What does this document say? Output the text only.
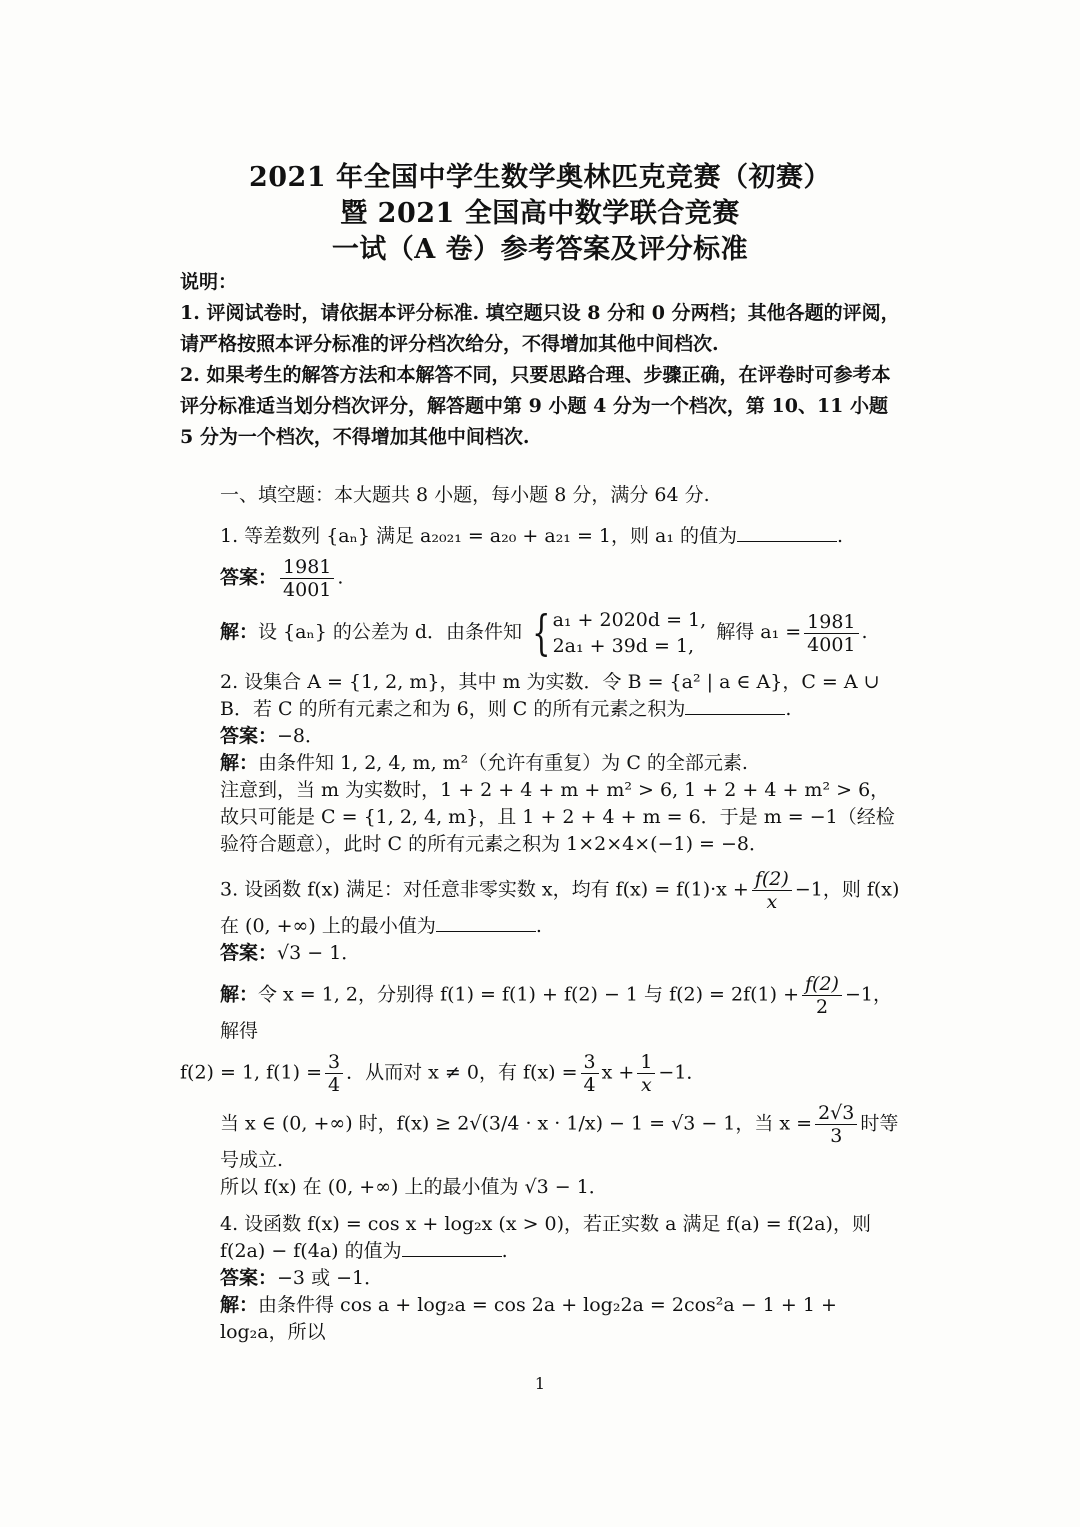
2021 年全国中学生数学奥林匹克竞赛（初赛）
暨 2021 全国高中数学联合竞赛
一试（A 卷）参考答案及评分标准

说明：

1. 评阅试卷时，请依据本评分标准. 填空题只设 8 分和 0 分两档；其他各题的评阅，请严格按照本评分标准的评分档次给分，不得增加其他中间档次.

2. 如果考生的解答方法和本解答不同，只要思路合理、步骤正确，在评卷时可参考本评分标准适当划分档次评分，解答题中第 9 小题 4 分为一个档次，第 10、11 小题 5 分为一个档次，不得增加其他中间档次.

一、填空题：本大题共 8 小题，每小题 8 分，满分 64 分.

1. 等差数列 {aₙ} 满足 a₂₀₂₁ = a₂₀ + a₂₁ = 1，则 a₁ 的值为	.

答案： $\frac{1981}{4001}$ .

解：设 {aₙ} 的公差为 d．由条件知 { a₁ + 2020d = 1,
2a₁ + 39d = 1,
解得 $a_1 = \frac{1981}{4001}$ .

2. 设集合 A = {1, 2, m}，其中 m 为实数．令 B = {a² | a ∈ A}，C = A ∪ B．若 C 的所有元素之和为 6，则 C 的所有元素之积为	.

答案：−8．

解：由条件知 1, 2, 4, m, m²（允许有重复）为 C 的全部元素.

注意到，当 m 为实数时，1 + 2 + 4 + m + m² > 6, 1 + 2 + 4 + m² > 6，故只可能是 C = {1, 2, 4, m}，且 1 + 2 + 4 + m = 6．于是 m = −1（经检验符合题意），此时 C 的所有元素之积为 1×2×4×(−1) = −8．

3. 设函数 f(x) 满足：对任意非零实数 x，均有 $f(x) = f(1)\cdot x + \frac{f(2)}{x} -1$，则 f(x) 在 (0, +∞) 上的最小值为	.

答案：√3 − 1．

解：令 x = 1, 2，分别得 f(1) = f(1) + f(2) − 1 与 $f(2) = 2f(1) + \frac{f(2)}{2} -1$，解得

f(2) = 1, $f(1) = \frac{3}{4}$ ．从而对 x ≠ 0，有 $f(x) = \frac{3}{4}$ $x + \frac{1}{x} -1$．

当 x ∈ (0, +∞) 时，f(x) ≥ 2√(3/4 · x · 1/x) − 1 = √3 − 1，当 $x = \frac{2√3}{3}$ 时等号成立.

所以 f(x) 在 (0, +∞) 上的最小值为 √3 − 1．

4. 设函数 f(x) = cos x + log₂x (x > 0)，若正实数 a 满足 f(a) = f(2a)，则 f(2a) − f(4a) 的值为	.

答案：−3 或 −1．

解：由条件得 cos a + log₂a = cos 2a + log₂2a = 2cos²a − 1 + 1 + log₂a，所以

1
